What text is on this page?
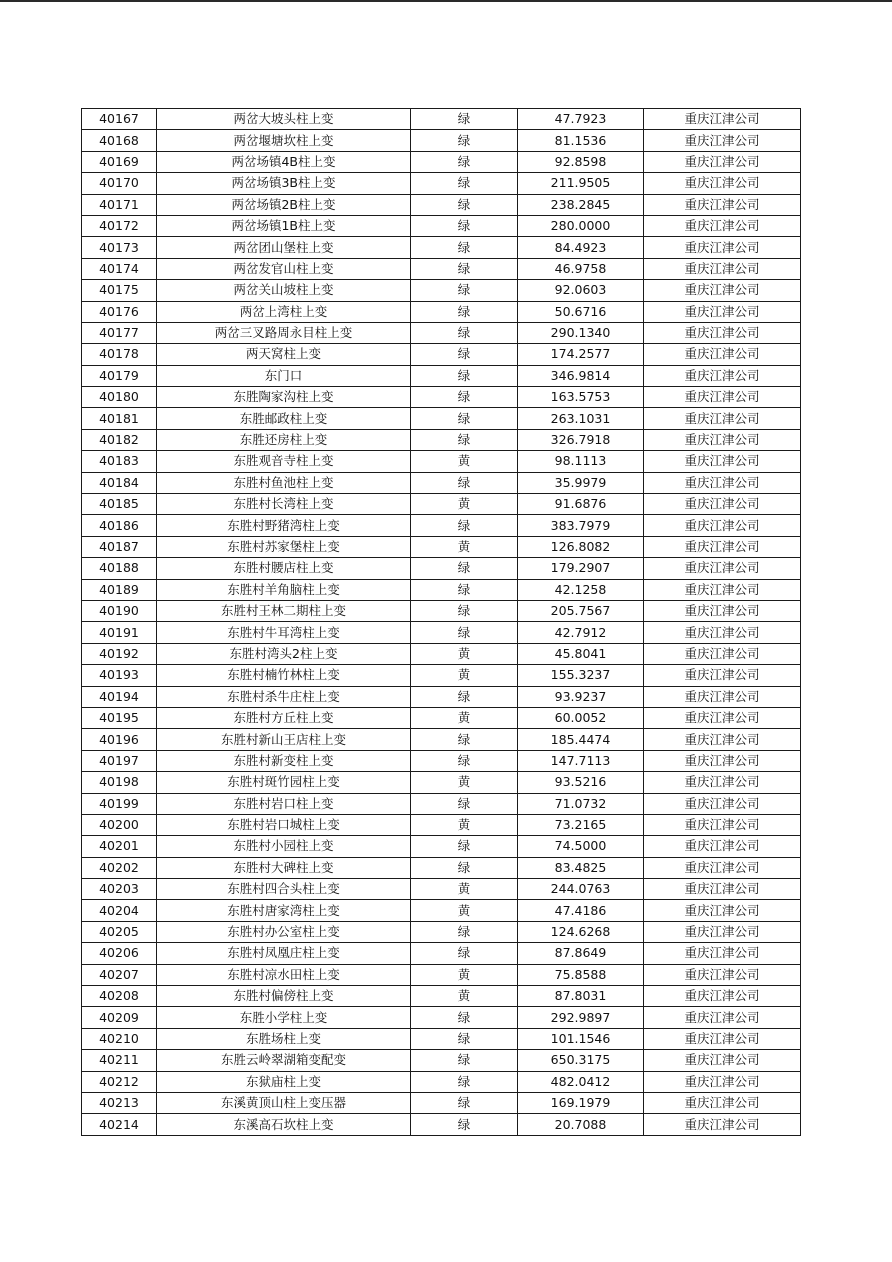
40167	两岔大坡头柱上变	绿	47.7923	重庆江津公司
40168	两岔堰塘坎柱上变	绿	81.1536	重庆江津公司
40169	两岔场镇4B柱上变	绿	92.8598	重庆江津公司
40170	两岔场镇3B柱上变	绿	211.9505	重庆江津公司
40171	两岔场镇2B柱上变	绿	238.2845	重庆江津公司
40172	两岔场镇1B柱上变	绿	280.0000	重庆江津公司
40173	两岔团山堡柱上变	绿	84.4923	重庆江津公司
40174	两岔发官山柱上变	绿	46.9758	重庆江津公司
40175	两岔关山坡柱上变	绿	92.0603	重庆江津公司
40176	两岔上湾柱上变	绿	50.6716	重庆江津公司
40177	两岔三叉路周永目柱上变	绿	290.1340	重庆江津公司
40178	两天窝柱上变	绿	174.2577	重庆江津公司
40179	东门口	绿	346.9814	重庆江津公司
40180	东胜陶家沟柱上变	绿	163.5753	重庆江津公司
40181	东胜邮政柱上变	绿	263.1031	重庆江津公司
40182	东胜还房柱上变	绿	326.7918	重庆江津公司
40183	东胜观音寺柱上变	黄	98.1113	重庆江津公司
40184	东胜村鱼池柱上变	绿	35.9979	重庆江津公司
40185	东胜村长湾柱上变	黄	91.6876	重庆江津公司
40186	东胜村野猪湾柱上变	绿	383.7979	重庆江津公司
40187	东胜村苏家堡柱上变	黄	126.8082	重庆江津公司
40188	东胜村腰店柱上变	绿	179.2907	重庆江津公司
40189	东胜村羊角脑柱上变	绿	42.1258	重庆江津公司
40190	东胜村王林二期柱上变	绿	205.7567	重庆江津公司
40191	东胜村牛耳湾柱上变	绿	42.7912	重庆江津公司
40192	东胜村湾头2柱上变	黄	45.8041	重庆江津公司
40193	东胜村楠竹林柱上变	黄	155.3237	重庆江津公司
40194	东胜村杀牛庄柱上变	绿	93.9237	重庆江津公司
40195	东胜村方丘柱上变	黄	60.0052	重庆江津公司
40196	东胜村新山王店柱上变	绿	185.4474	重庆江津公司
40197	东胜村新变柱上变	绿	147.7113	重庆江津公司
40198	东胜村斑竹园柱上变	黄	93.5216	重庆江津公司
40199	东胜村岩口柱上变	绿	71.0732	重庆江津公司
40200	东胜村岩口城柱上变	黄	73.2165	重庆江津公司
40201	东胜村小园柱上变	绿	74.5000	重庆江津公司
40202	东胜村大碑柱上变	绿	83.4825	重庆江津公司
40203	东胜村四合头柱上变	黄	244.0763	重庆江津公司
40204	东胜村唐家湾柱上变	黄	47.4186	重庆江津公司
40205	东胜村办公室柱上变	绿	124.6268	重庆江津公司
40206	东胜村凤凰庄柱上变	绿	87.8649	重庆江津公司
40207	东胜村凉水田柱上变	黄	75.8588	重庆江津公司
40208	东胜村偏傍柱上变	黄	87.8031	重庆江津公司
40209	东胜小学柱上变	绿	292.9897	重庆江津公司
40210	东胜场柱上变	绿	101.1546	重庆江津公司
40211	东胜云岭翠湖箱变配变	绿	650.3175	重庆江津公司
40212	东狱庙柱上变	绿	482.0412	重庆江津公司
40213	东溪黄顶山柱上变压器	绿	169.1979	重庆江津公司
40214	东溪高石坎柱上变	绿	20.7088	重庆江津公司
